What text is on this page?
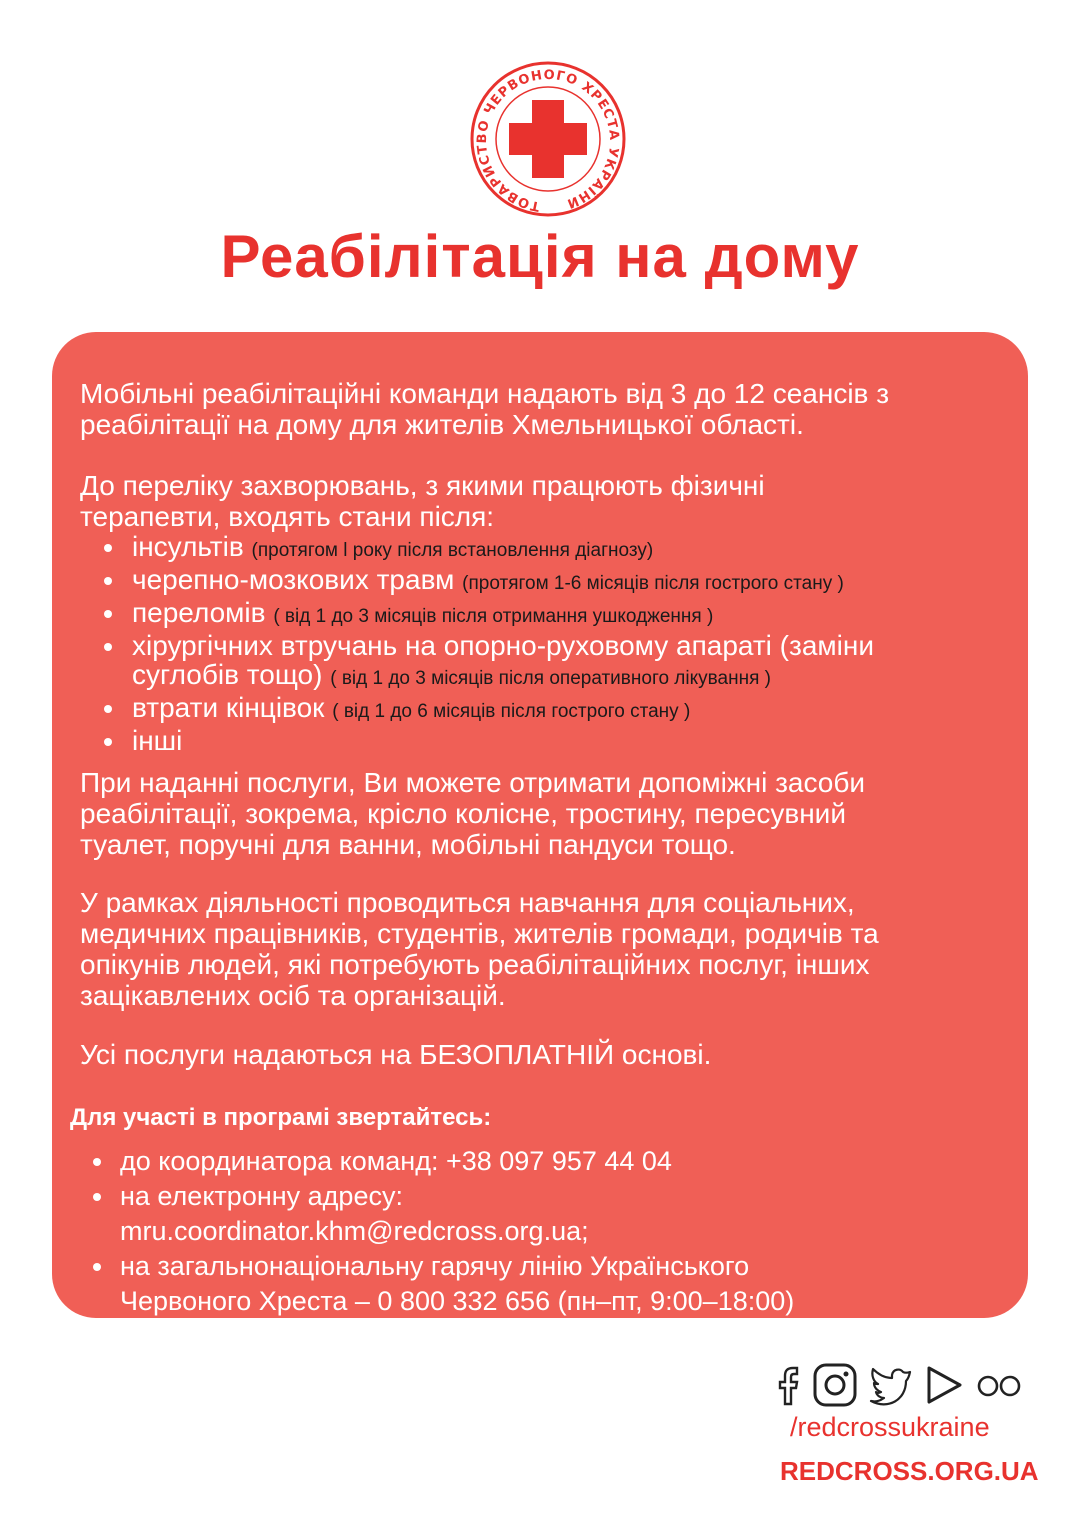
ТОВАРИСТВО ЧЕРВОНОГО ХРЕСТА УКРАЇНИ
Реабілітація на дому

Мобільні реабілітаційні команди надають від 3 до 12 сеансів з

реабілітації на дому для жителів Хмельницької області.

До переліку захворювань, з якими працюють фізичні

терапевти, входять стани після:

інсультів (протягом l року після встановлення діагнозу)
черепно-мозкових травм (протягом 1-6 місяців після гострого стану )
переломів ( від 1 до 3 місяців після отримання ушкодження )
хірургічних втручань на опорно-руховому апараті (заміни
суглобів тощо) ( від 1 до 3 місяців після оперативного лікування )
втрати кінцівок ( від 1 до 6 місяців після гострого стану )
інші

При наданні послуги, Ви можете отримати допоміжні засоби

реабілітації, зокрема, крісло колісне, тростину, пересувний

туалет, поручні для ванни, мобільні пандуси тощо.

У рамках діяльності проводиться навчання для соціальних,

медичних працівників, студентів, жителів громади, родичів та

опікунів людей, які потребують реабілітаційних послуг, інших

зацікавлених осіб та організацій.

Усі послуги надаються на БЕЗОПЛАТНІЙ основі.

Для участі в програмі звертайтесь:

до координатора команд: +38 097 957 44 04
на електронну адресу:
mru.coordinator.khm@redcross.org.ua;
на загальнонаціональну гарячу лінію Українського
Червоного Хреста – 0 800 332 656 (пн–пт, 9:00–18:00)
/redcrossukraine
REDCROSS.ORG.UA
